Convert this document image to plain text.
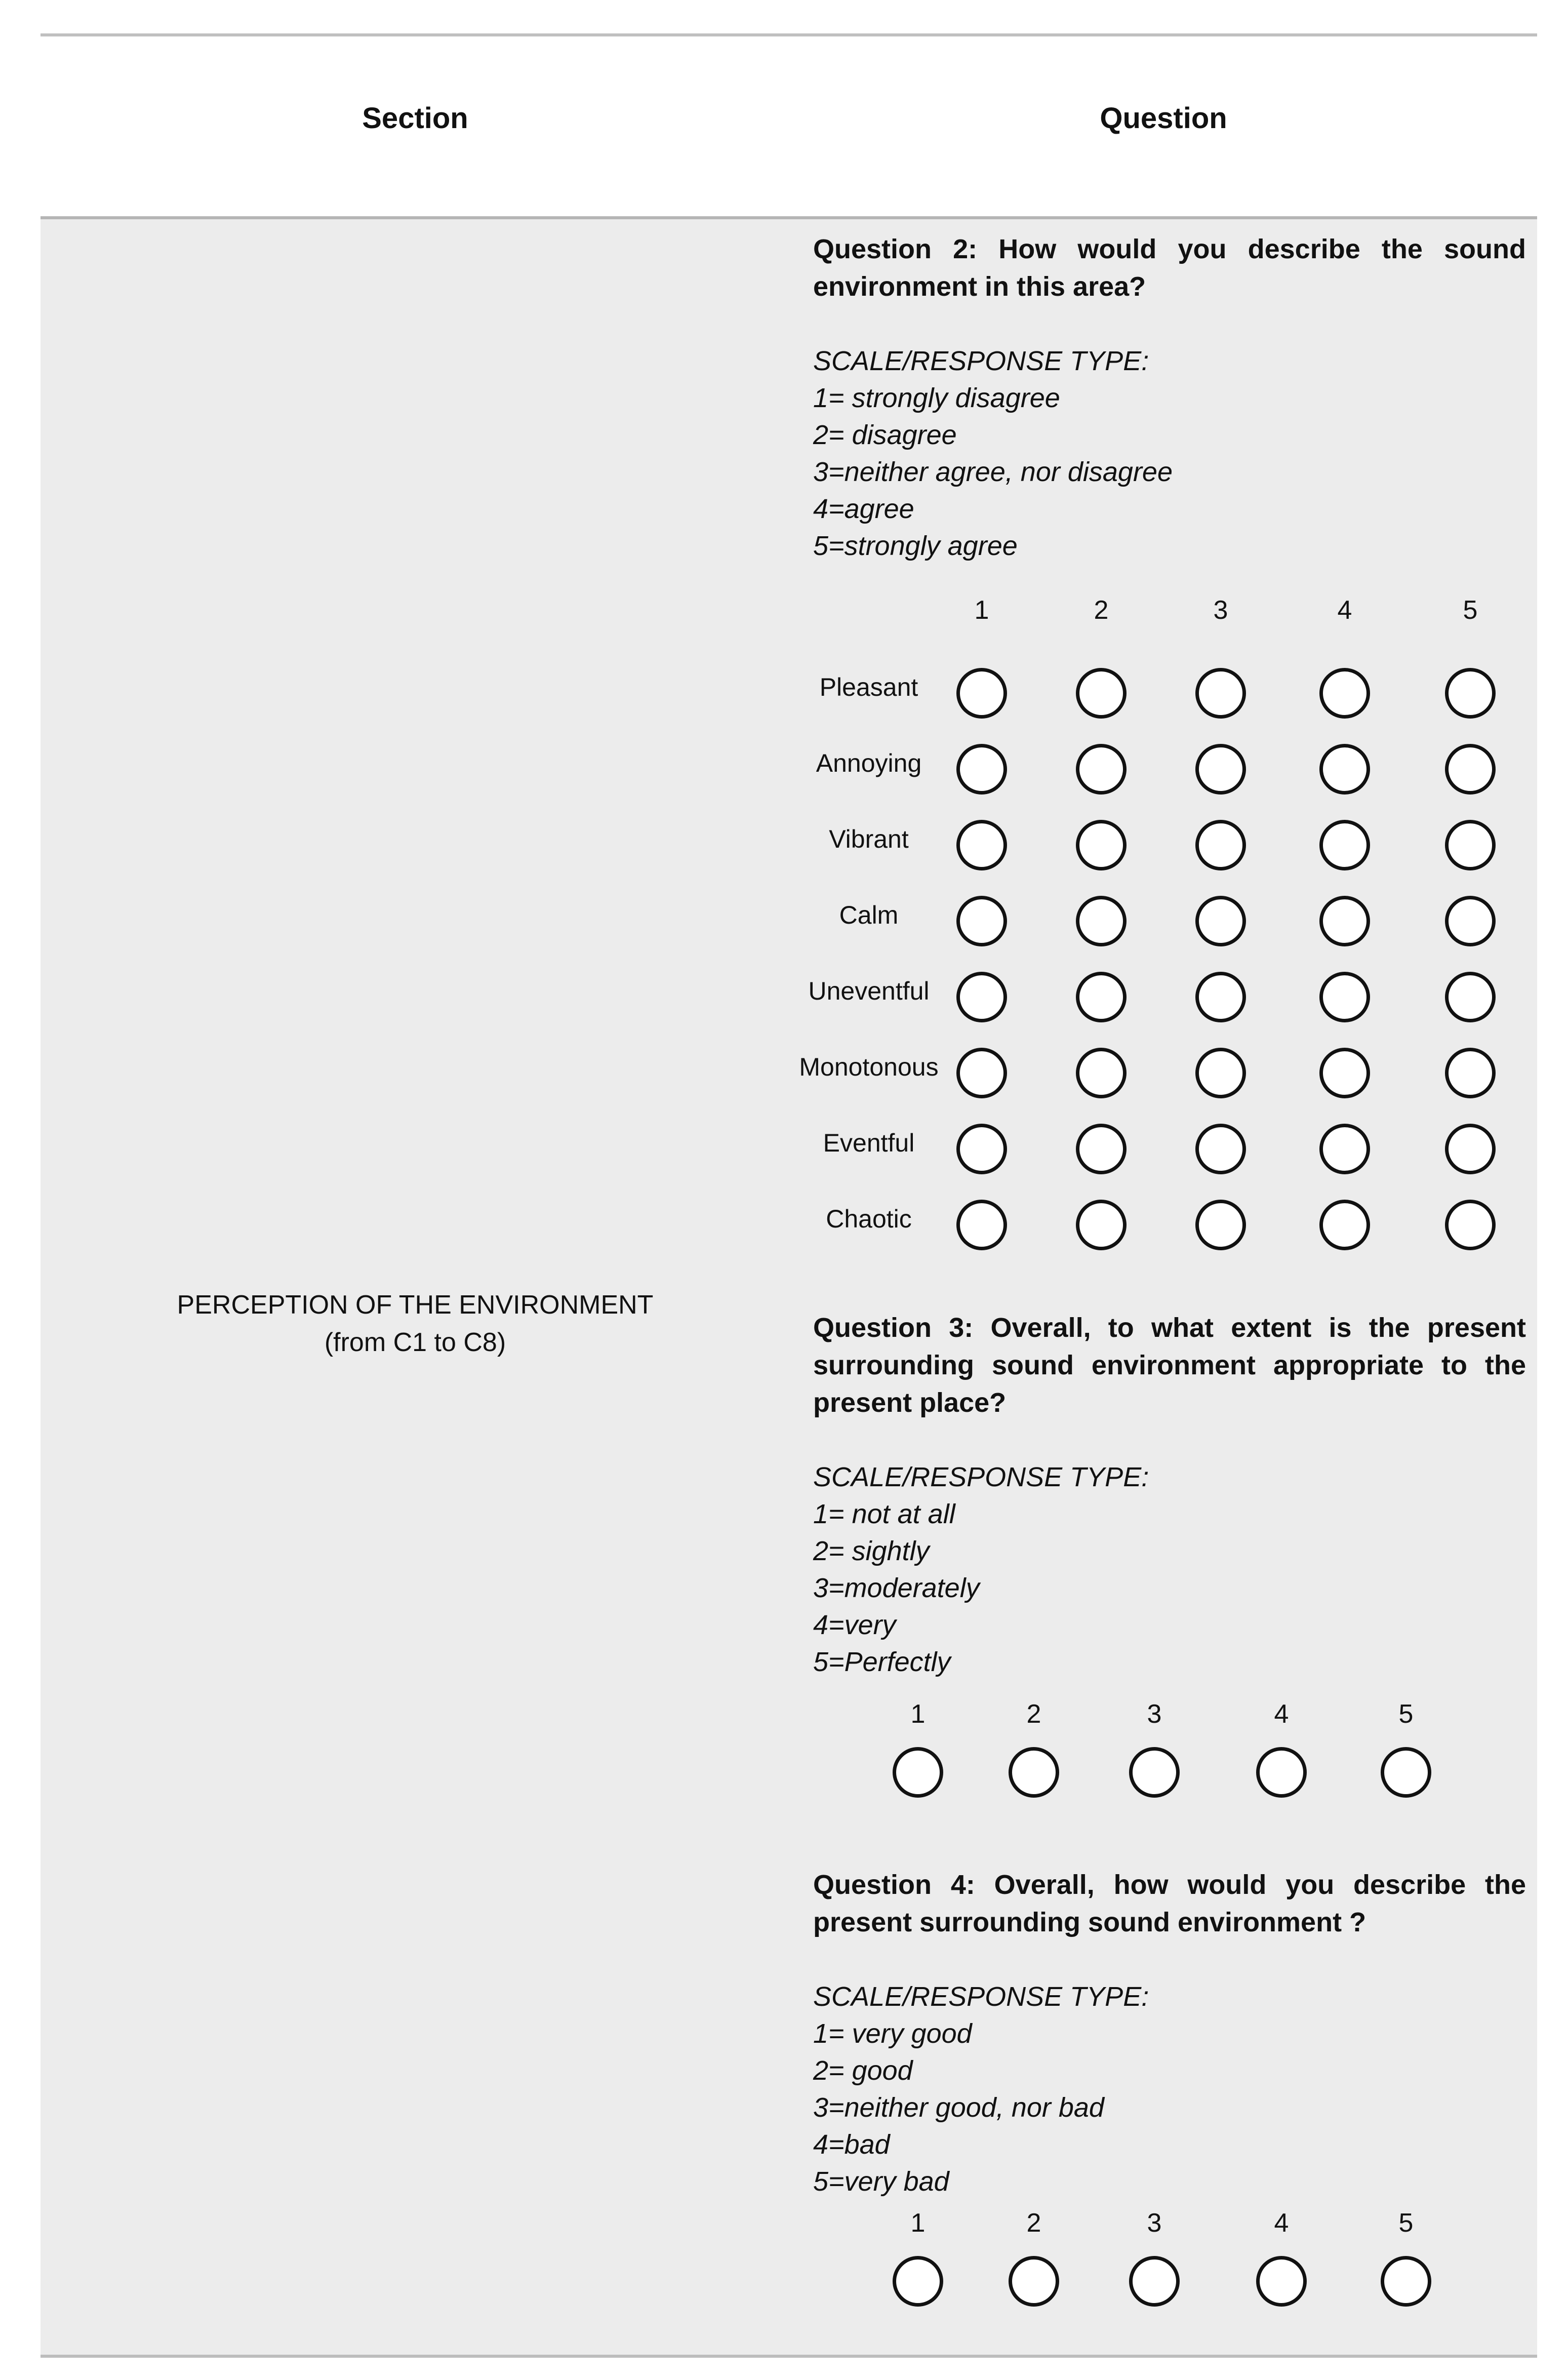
Section	Question
PERCEPTION OF THE ENVIRONMENT
(from C1 to C8)
Question 2: How would you describe the sound environment in this area?
SCALE/RESPONSE TYPE:
1= strongly disagree
2= disagree
3=neither agree, nor disagree
4=agree
5=strongly agree
1	2	3	4	5
Pleasant
Annoying
Vibrant
Calm
Uneventful
Monotonous
Eventful
Chaotic
Question 3: Overall, to what extent is the present surrounding sound environment appropriate to the present place?
SCALE/RESPONSE TYPE:
1= not at all
2= sightly
3=moderately
4=very
5=Perfectly
1	2	3	4	5
Question 4: Overall, how would you describe the present surrounding sound environment ?
SCALE/RESPONSE TYPE:
1= very good
2= good
3=neither good, nor bad
4=bad
5=very bad
1	2	3	4	5
